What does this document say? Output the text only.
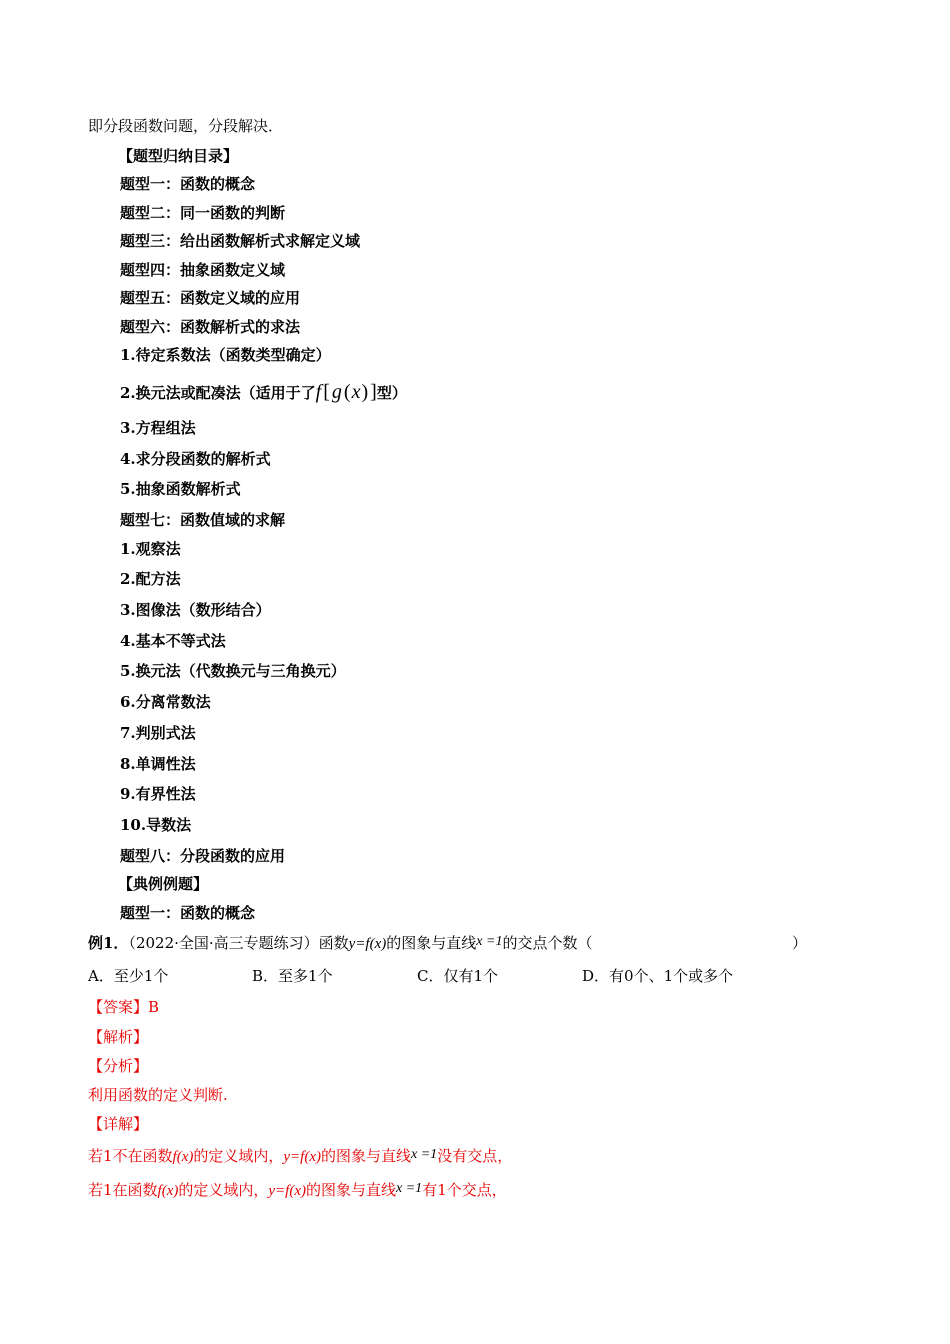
即分段函数问题，分段解决．
【题型归纳目录】
题型一：函数的概念
题型二：同一函数的判断
题型三：给出函数解析式求解定义域
题型四：抽象函数定义域
题型五：函数定义域的应用
题型六：函数解析式的求法
1.待定系数法（函数类型确定）
2.换元法或配凑法（适用于了f [ g (x) ]型）
3.方程组法
4.求分段函数的解析式
5.抽象函数解析式
题型七：函数值域的求解
1.观察法
2.配方法
3.图像法（数形结合）
4.基本不等式法
5.换元法（代数换元与三角换元）
6.分离常数法
7.判别式法
8.单调性法
9.有界性法
10.导数法
题型八：分段函数的应用
【典例例题】
题型一：函数的概念
例1．（2022·全国·高三专题练习）函数y=f(x)的图象与直线x =1的交点个数（	）
A．至少1个	B．至多1个	C．仅有1个	D．有0个、1个或多个
【答案】B
【解析】
【分析】
利用函数的定义判断.
【详解】
若1不在函数f(x)的定义域内，y=f(x)的图象与直线x =1没有交点，
若1在函数f(x)的定义域内，y=f(x)的图象与直线x =1有1个交点，
